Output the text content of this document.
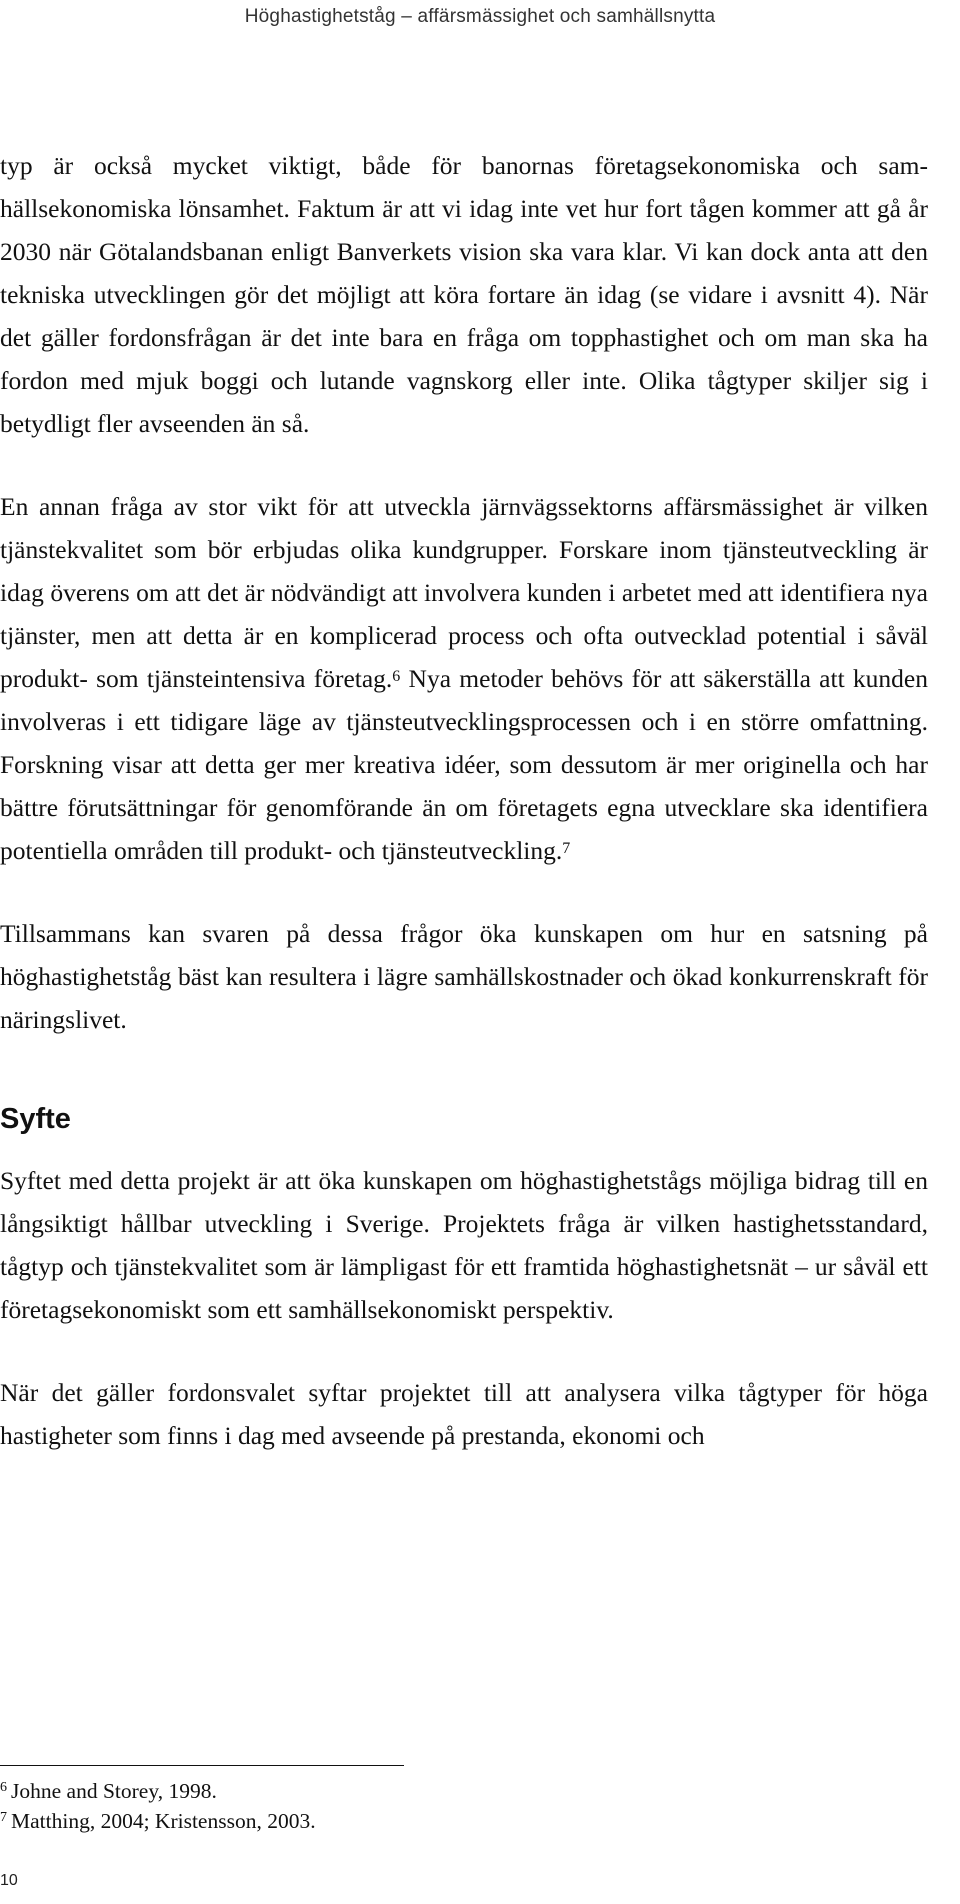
Höghastighetståg – affärsmässighet och samhällsnytta

typ är också mycket viktigt, både för banornas företagsekonomiska och samhällsekonomiska lönsamhet. Faktum är att vi idag inte vet hur fort tågen kommer att gå år 2030 när Götalandsbanan enligt Banverkets vision ska vara klar. Vi kan dock anta att den tekniska utvecklingen gör det möjligt att köra fortare än idag (se vidare i avsnitt 4). När det gäller fordonsfrågan är det inte bara en fråga om topphastighet och om man ska ha fordon med mjuk boggi och lutande vagnskorg eller inte. Olika tågtyper skiljer sig i betydligt fler avseenden än så.

En annan fråga av stor vikt för att utveckla järnvägssektorns affärsmässighet är vilken tjänstekvalitet som bör erbjudas olika kundgrupper. Forskare inom tjänsteutveckling är idag överens om att det är nödvändigt att involvera kunden i arbetet med att identifiera nya tjänster, men att detta är en komplicerad process och ofta outvecklad potential i såväl produkt- som tjänsteintensiva företag.$^6$ Nya metoder behövs för att säkerställa att kunden involveras i ett tidigare läge av tjänsteutvecklingsprocessen och i en större omfattning. Forskning visar att detta ger mer kreativa idéer, som dessutom är mer originella och har bättre förutsättningar för genomförande än om företagets egna utvecklare ska identifiera potentiella områden till produkt- och tjänsteutveckling.$^7$

Tillsammans kan svaren på dessa frågor öka kunskapen om hur en satsning på höghastighetståg bäst kan resultera i lägre samhällskostnader och ökad konkurrenskraft för näringslivet.

Syfte

Syftet med detta projekt är att öka kunskapen om höghastighetstågs möjliga bidrag till en långsiktigt hållbar utveckling i Sverige. Projektets fråga är vilken hastighetsstandard, tågtyp och tjänstekvalitet som är lämpligast för ett framtida höghastighetsnät – ur såväl ett företagsekonomiskt som ett samhällsekonomiskt perspektiv.

När det gäller fordonsvalet syftar projektet till att analysera vilka tågtyper för höga hastigheter som finns i dag med avseende på prestanda, ekonomi och

$^6$ Johne and Storey, 1998.
$^7$ Matthing, 2004; Kristensson, 2003.
10
